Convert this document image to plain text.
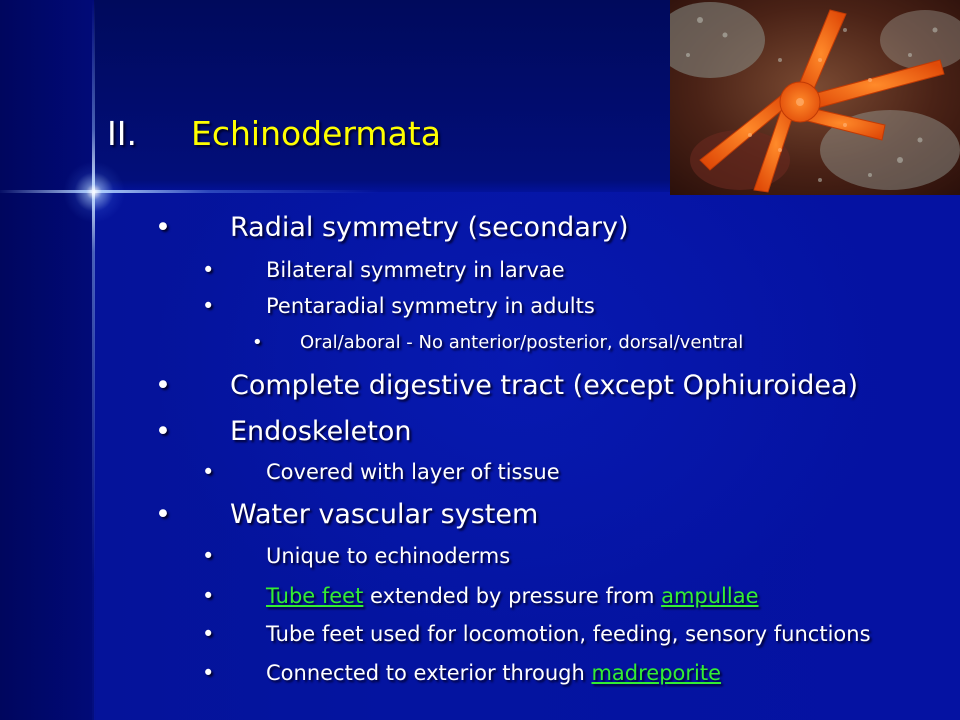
II. Echinodermata
• Radial symmetry (secondary)
• Bilateral symmetry in larvae
• Pentaradial symmetry in adults
• Oral/aboral - No anterior/posterior, dorsal/ventral
• Complete digestive tract (except Ophiuroidea)
• Endoskeleton
• Covered with layer of tissue
• Water vascular system
• Unique to echinoderms
• Tube feet extended by pressure from ampullae
• Tube feet used for locomotion, feeding, sensory functions
• Connected to exterior through madreporite
